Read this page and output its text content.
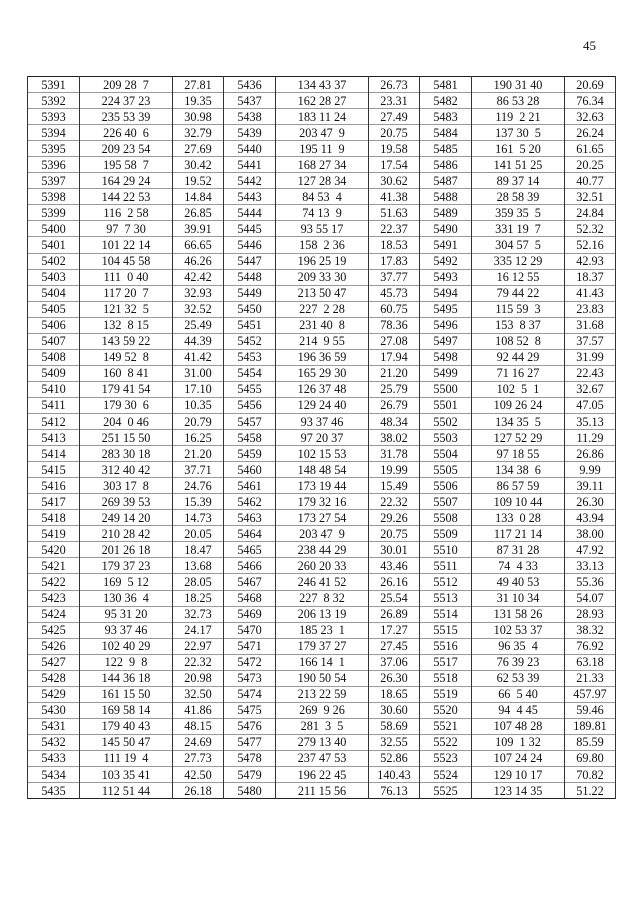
45
5391	209 28  7	27.81	5436	134 43 37	26.73	5481	190 31 40	20.69
5392	224 37 23	19.35	5437	162 28 27	23.31	5482	86 53 28	76.34
5393	235 53 39	30.98	5438	183 11 24	27.49	5483	119  2 21	32.63
5394	226 40  6	32.79	5439	203 47  9	20.75	5484	137 30  5	26.24
5395	209 23 54	27.69	5440	195 11  9	19.58	5485	161  5 20	61.65
5396	195 58  7	30.42	5441	168 27 34	17.54	5486	141 51 25	20.25
5397	164 29 24	19.52	5442	127 28 34	30.62	5487	89 37 14	40.77
5398	144 22 53	14.84	5443	84 53  4	41.38	5488	28 58 39	32.51
5399	116  2 58	26.85	5444	74 13  9	51.63	5489	359 35  5	24.84
5400	97  7 30	39.91	5445	93 55 17	22.37	5490	331 19  7	52.32
5401	101 22 14	66.65	5446	158  2 36	18.53	5491	304 57  5	52.16
5402	104 45 58	46.26	5447	196 25 19	17.83	5492	335 12 29	42.93
5403	111  0 40	42.42	5448	209 33 30	37.77	5493	16 12 55	18.37
5404	117 20  7	32.93	5449	213 50 47	45.73	5494	79 44 22	41.43
5405	121 32  5	32.52	5450	227  2 28	60.75	5495	115 59  3	23.83
5406	132  8 15	25.49	5451	231 40  8	78.36	5496	153  8 37	31.68
5407	143 59 22	44.39	5452	214  9 55	27.08	5497	108 52  8	37.57
5408	149 52  8	41.42	5453	196 36 59	17.94	5498	92 44 29	31.99
5409	160  8 41	31.00	5454	165 29 30	21.20	5499	71 16 27	22.43
5410	179 41 54	17.10	5455	126 37 48	25.79	5500	102  5  1	32.67
5411	179 30  6	10.35	5456	129 24 40	26.79	5501	109 26 24	47.05
5412	204  0 46	20.79	5457	93 37 46	48.34	5502	134 35  5	35.13
5413	251 15 50	16.25	5458	97 20 37	38.02	5503	127 52 29	11.29
5414	283 30 18	21.20	5459	102 15 53	31.78	5504	97 18 55	26.86
5415	312 40 42	37.71	5460	148 48 54	19.99	5505	134 38  6	9.99
5416	303 17  8	24.76	5461	173 19 44	15.49	5506	86 57 59	39.11
5417	269 39 53	15.39	5462	179 32 16	22.32	5507	109 10 44	26.30
5418	249 14 20	14.73	5463	173 27 54	29.26	5508	133  0 28	43.94
5419	210 28 42	20.05	5464	203 47  9	20.75	5509	117 21 14	38.00
5420	201 26 18	18.47	5465	238 44 29	30.01	5510	87 31 28	47.92
5421	179 37 23	13.68	5466	260 20 33	43.46	5511	74  4 33	33.13
5422	169  5 12	28.05	5467	246 41 52	26.16	5512	49 40 53	55.36
5423	130 36  4	18.25	5468	227  8 32	25.54	5513	31 10 34	54.07
5424	95 31 20	32.73	5469	206 13 19	26.89	5514	131 58 26	28.93
5425	93 37 46	24.17	5470	185 23  1	17.27	5515	102 53 37	38.32
5426	102 40 29	22.97	5471	179 37 27	27.45	5516	96 35  4	76.92
5427	122  9  8	22.32	5472	166 14  1	37.06	5517	76 39 23	63.18
5428	144 36 18	20.98	5473	190 50 54	26.30	5518	62 53 39	21.33
5429	161 15 50	32.50	5474	213 22 59	18.65	5519	66  5 40	457.97
5430	169 58 14	41.86	5475	269  9 26	30.60	5520	94  4 45	59.46
5431	179 40 43	48.15	5476	281  3  5	58.69	5521	107 48 28	189.81
5432	145 50 47	24.69	5477	279 13 40	32.55	5522	109  1 32	85.59
5433	111 19  4	27.73	5478	237 47 53	52.86	5523	107 24 24	69.80
5434	103 35 41	42.50	5479	196 22 45	140.43	5524	129 10 17	70.82
5435	112 51 44	26.18	5480	211 15 56	76.13	5525	123 14 35	51.22
